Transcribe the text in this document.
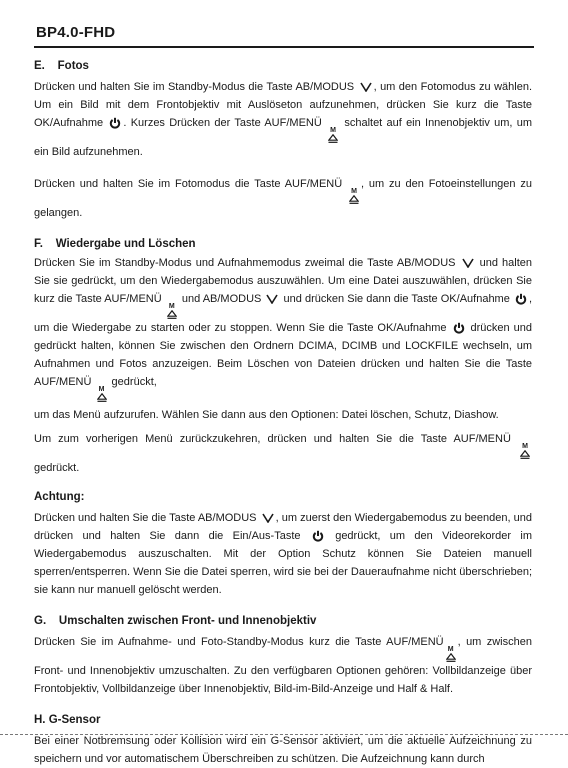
BP4.0-FHD
E.    Fotos

Drücken und halten Sie im Standby-Modus die Taste AB/MODUS , um den Fotomodus zu wählen. Um ein Bild mit dem Frontobjektiv mit Auslöseton aufzunehmen, drücken Sie kurz die Taste OK/Aufnahme . Kurzes Drücken der Taste AUF/MENÜ
M
schaltet auf ein Innenobjektiv um, um ein Bild aufzunehmen.

Drücken und halten Sie im Fotomodus die Taste AUF/MENÜ
M
, um zu den Fotoeinstellungen zu gelangen.

F.    Wiedergabe und Löschen

Drücken Sie im Standby-Modus und Aufnahmemodus zweimal die Taste AB/MODUS  und halten Sie sie gedrückt, um den Wiedergabemodus auszuwählen. Um eine Datei auszuwählen, drücken Sie kurz die Taste AUF/MENÜ
M
und AB/MODUS  und drücken Sie dann die Taste OK/Aufnahme , um die Wiedergabe zu starten oder zu stoppen. Wenn Sie die Taste OK/Aufnahme  drücken und gedrückt halten, können Sie zwischen den Ordnern DCIMA, DCIMB und LOCKFILE wechseln, um Aufnahmen und Fotos anzuzeigen. Beim Löschen von Dateien drücken und halten Sie die Taste AUF/MENÜ
M
gedrückt,

um das Menü aufzurufen. Wählen Sie dann aus den Optionen: Datei löschen, Schutz, Diashow.

Um zum vorherigen Menü zurückzukehren, drücken und halten Sie die Taste AUF/MENÜ
M
gedrückt.

Achtung:

Drücken und halten Sie die Taste AB/MODUS , um zuerst den Wiedergabemodus zu beenden, und drücken und halten Sie dann die Ein/Aus-Taste  gedrückt, um den Videorekorder im Wiedergabemodus auszuschalten. Mit der Option Schutz können Sie Dateien manuell sperren/entsperren. Wenn Sie die Datei sperren, wird sie bei der Daueraufnahme nicht überschrieben; sie kann nur manuell gelöscht werden.

G.    Umschalten zwischen Front- und Innenobjektiv

Drücken Sie im Aufnahme- und Foto-Standby-Modus kurz die Taste AUF/MENÜ
M
, um zwischen Front- und Innenobjektiv umzuschalten. Zu den verfügbaren Optionen gehören: Vollbildanzeige über Frontobjektiv, Vollbildanzeige über Innenobjektiv, Bild-im-Bild-Anzeige und Half & Half.

H. G-Sensor

Bei einer Notbremsung oder Kollision wird ein G-Sensor aktiviert, um die aktuelle Aufzeichnung zu speichern und vor automatischem Überschreiben zu schützen. Die Aufzeichnung kann durch
